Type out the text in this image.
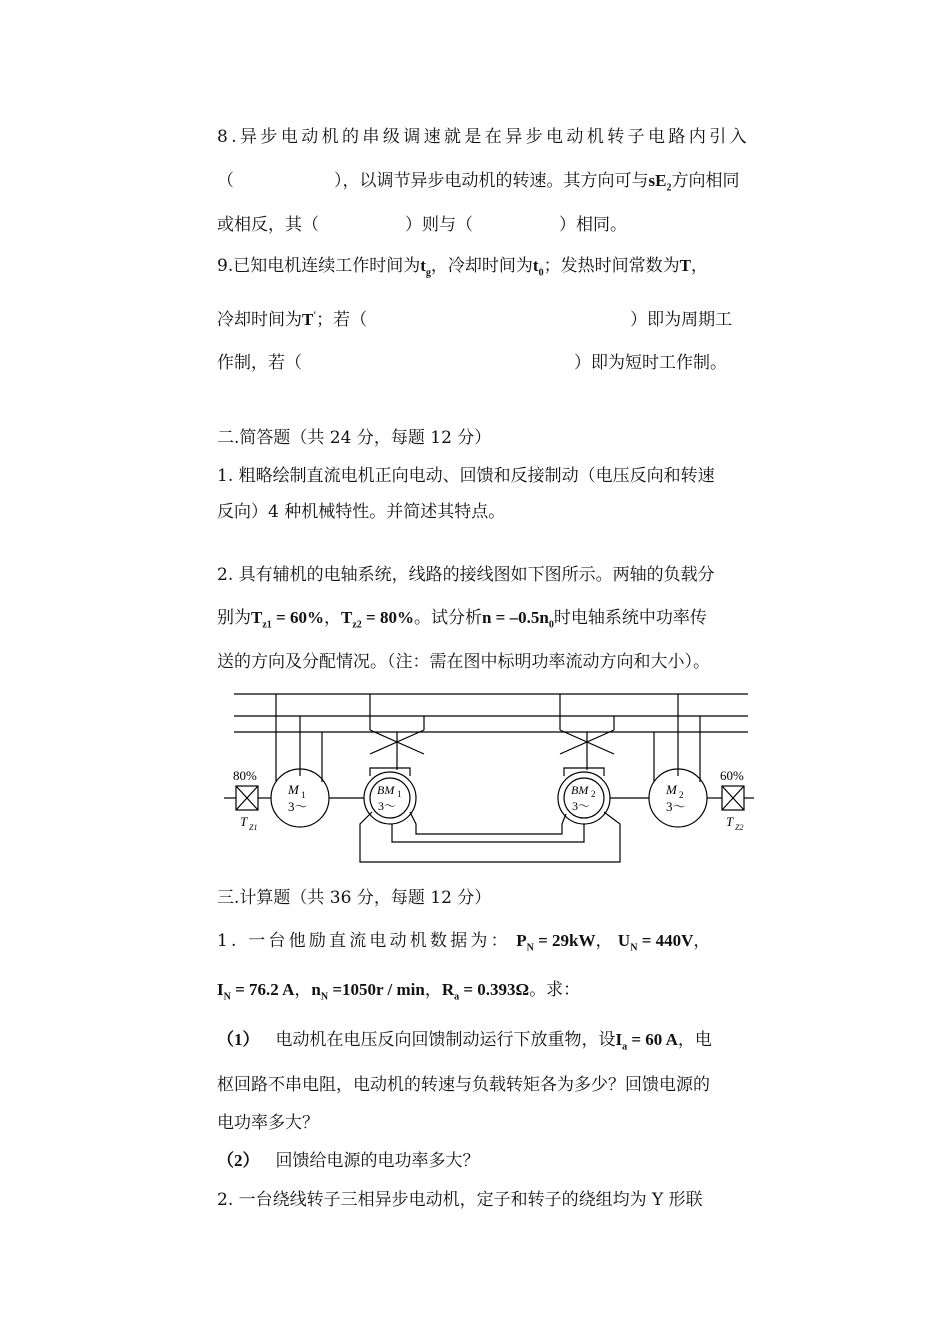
8.异步电动机的串级调速就是在异步电动机转子电路内引入
（	），以调节异步电动机的转速。其方向可与$sE_2$方向相同
或相反，其（	）则与（	）相同。
9.已知电机连续工作时间为$t_g$，冷却时间为$t_0$；发热时间常数为T，
冷却时间为T'；若（	）即为周期工
作制，若（	）即为短时工作制。
二.简答题（共 24 分，每题 12 分）
1. 粗略绘制直流电机正向电动、回馈和反接制动（电压反向和转速
反向）4 种机械特性。并简述其特点。
2. 具有辅机的电轴系统，线路的接线图如下图所示。两轴的负载分
别为$T_{z1} = 60\%$，$T_{z2} = 80\%$。试分析$n = -0.5n_0$时电轴系统中功率传
送的方向及分配情况。（注：需在图中标明功率流动方向和大小）。
80%	60%
M 1
3～
M 2
3～
BM 1
3～
BM 2
3～
T Z1	T Z2
三.计算题（共 36 分，每题 12 分）
1. 一台他励直流电动机数据为： $P_N = 29kW$， $U_N = 440V$，
$I_N = 76.2$ A，$n_N =1050r / \min$，$R_a = 0.393\Omega$。求：
（1） 电动机在电压反向回馈制动运行下放重物，设$I_a = 60$ A，电
枢回路不串电阻，电动机的转速与负载转矩各为多少？回馈电源的
电功率多大？
（2） 回馈给电源的电功率多大？
2. 一台绕线转子三相异步电动机，定子和转子的绕组均为 Y 形联
